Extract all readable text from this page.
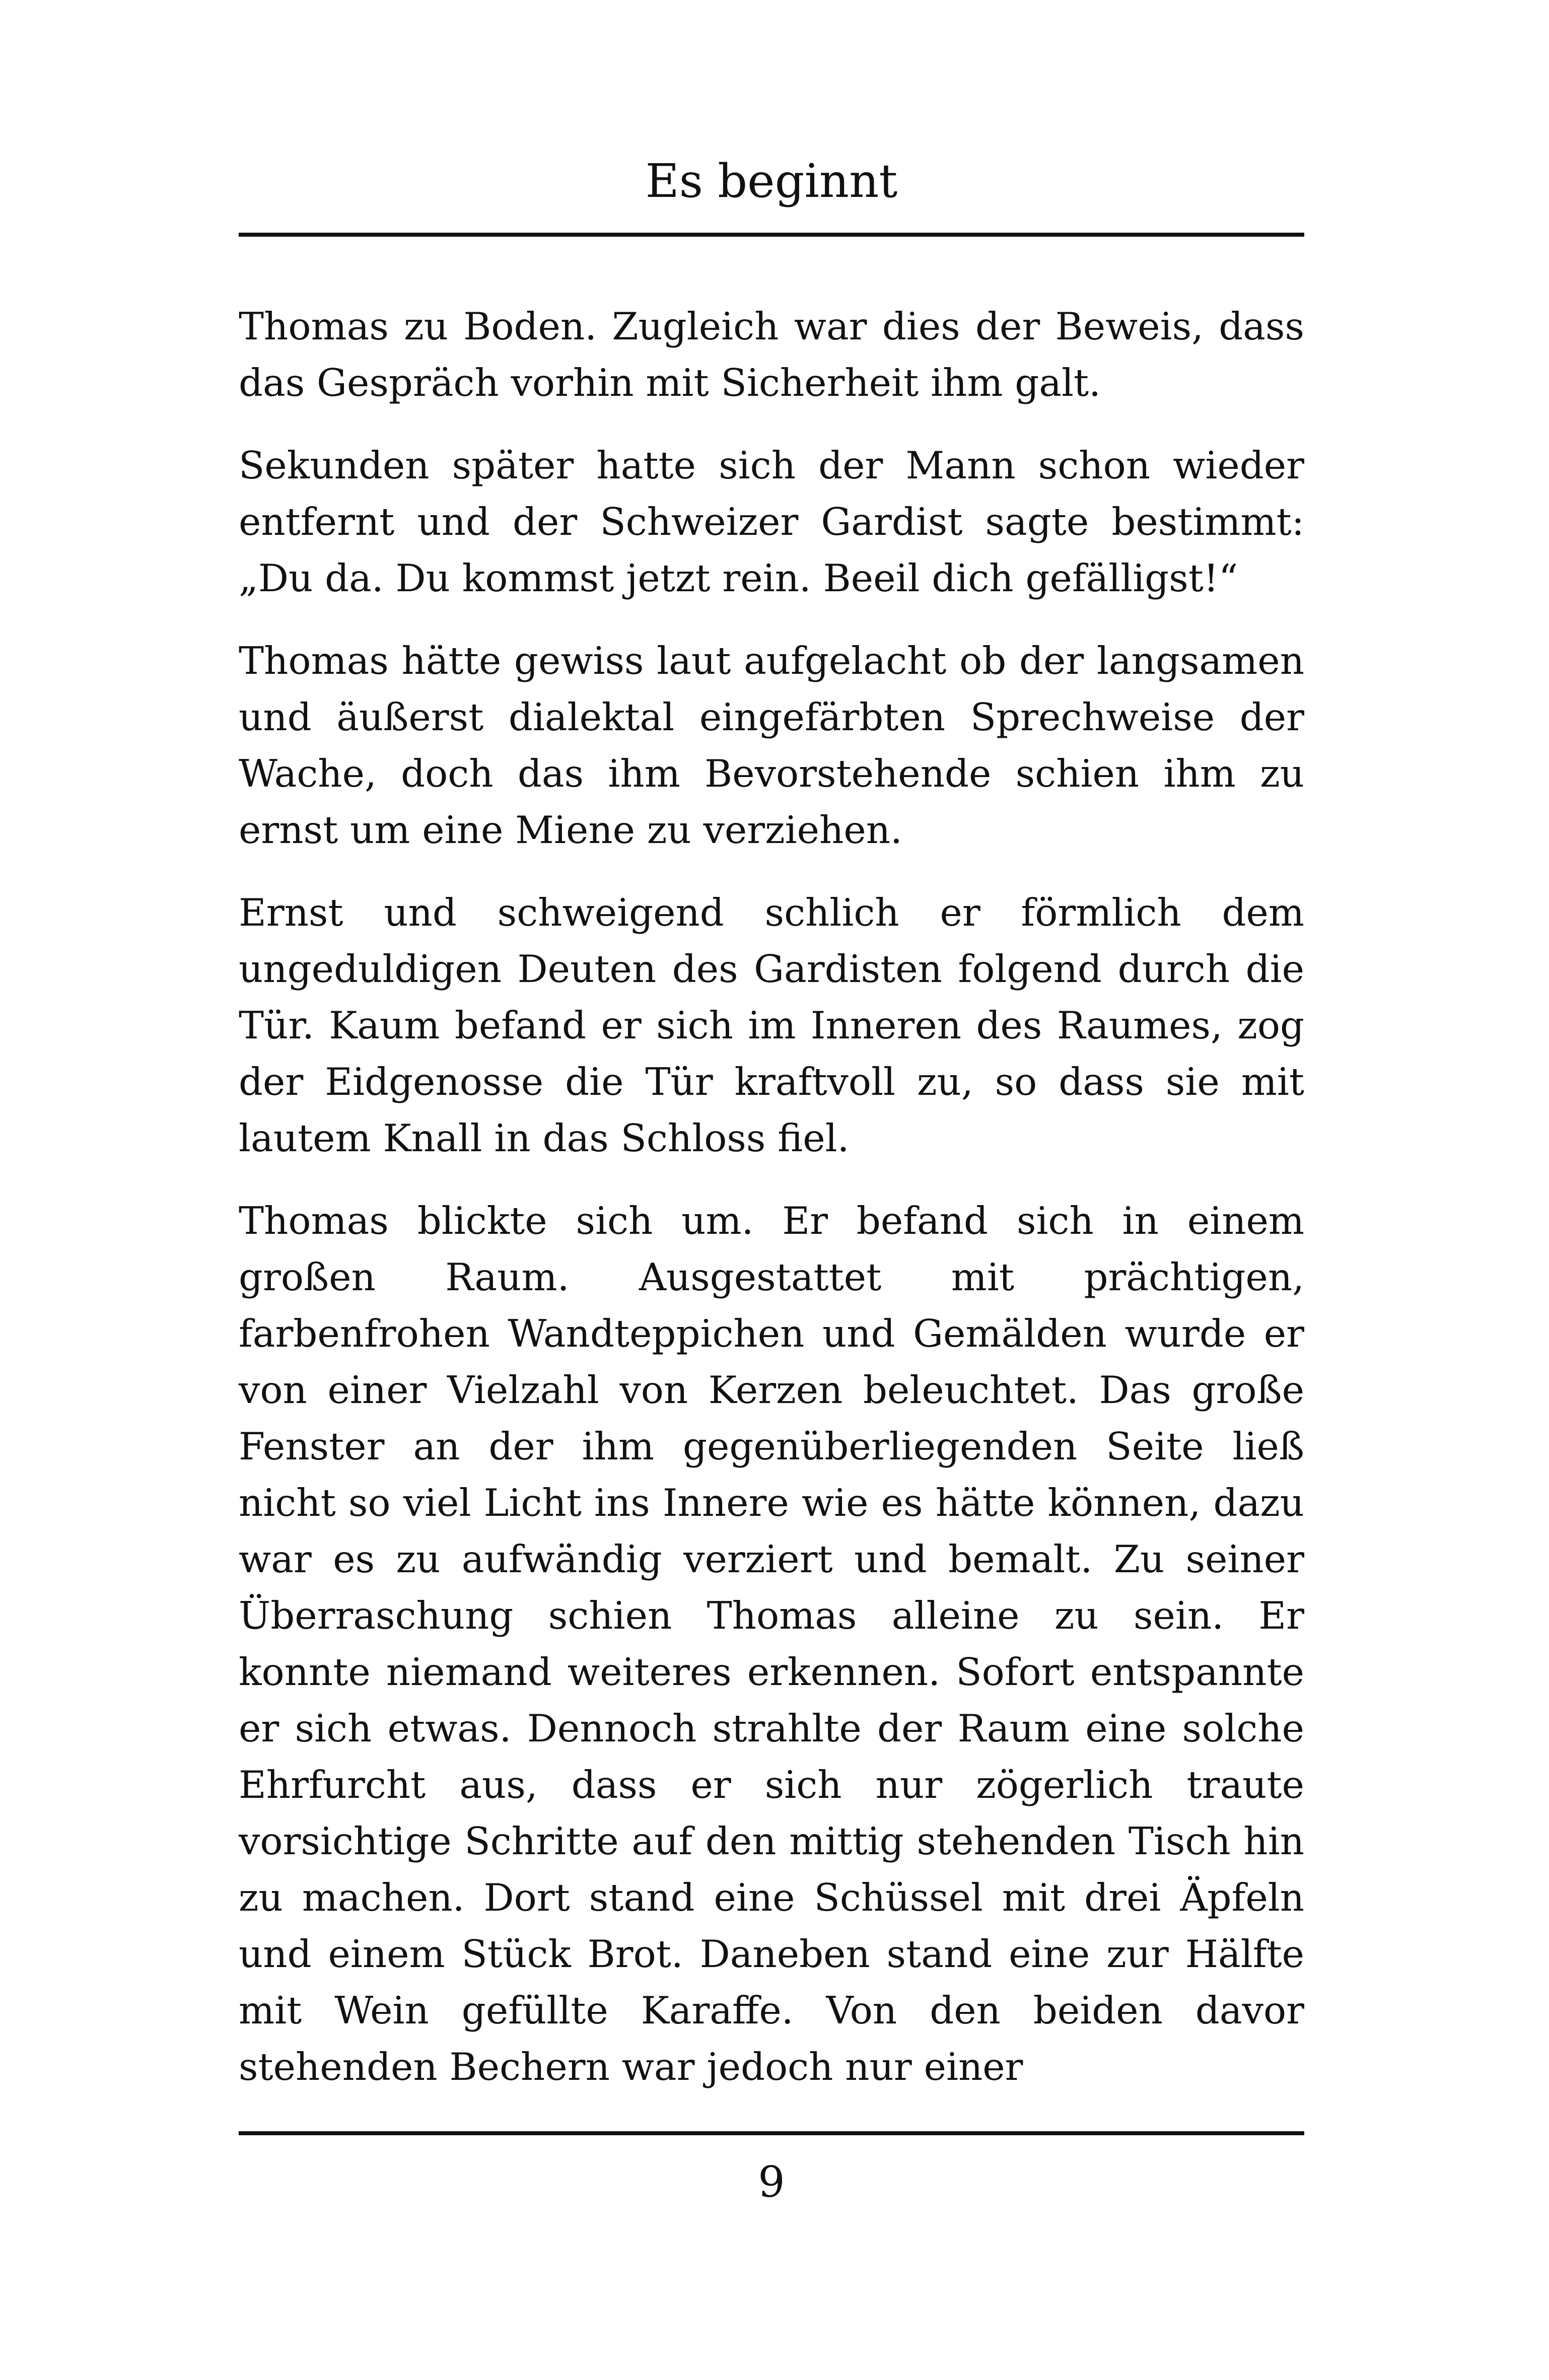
Es beginnt

Thomas zu Boden. Zugleich war dies der Beweis, dass das Gespräch vorhin mit Sicherheit ihm galt.

Sekunden später hatte sich der Mann schon wieder entfernt und der Schweizer Gardist sagte bestimmt: „Du da. Du kommst jetzt rein. Beeil dich gefälligst!“

Thomas hätte gewiss laut aufgelacht ob der langsamen und äußerst dialektal eingefärbten Sprechweise der Wache, doch das ihm Bevorstehende schien ihm zu ernst um eine Miene zu verziehen.

Ernst und schweigend schlich er förmlich dem ungeduldigen Deuten des Gardisten folgend durch die Tür. Kaum befand er sich im Inneren des Raumes, zog der Eidgenosse die Tür kraftvoll zu, so dass sie mit lautem Knall in das Schloss fiel.

Thomas blickte sich um. Er befand sich in einem großen Raum. Ausgestattet mit prächtigen, farbenfrohen Wandteppichen und Gemälden wurde er von einer Vielzahl von Kerzen beleuchtet. Das große Fenster an der ihm gegenüberliegenden Seite ließ nicht so viel Licht ins Innere wie es hätte können, dazu war es zu aufwändig verziert und bemalt. Zu seiner Überraschung schien Thomas alleine zu sein. Er konnte niemand weiteres erkennen. Sofort entspannte er sich etwas. Dennoch strahlte der Raum eine solche Ehrfurcht aus, dass er sich nur zögerlich traute vorsichtige Schritte auf den mittig stehenden Tisch hin zu machen. Dort stand eine Schüssel mit drei Äpfeln und einem Stück Brot. Daneben stand eine zur Hälfte mit Wein gefüllte Karaffe. Von den beiden davor stehenden Bechern war jedoch nur einer

9
